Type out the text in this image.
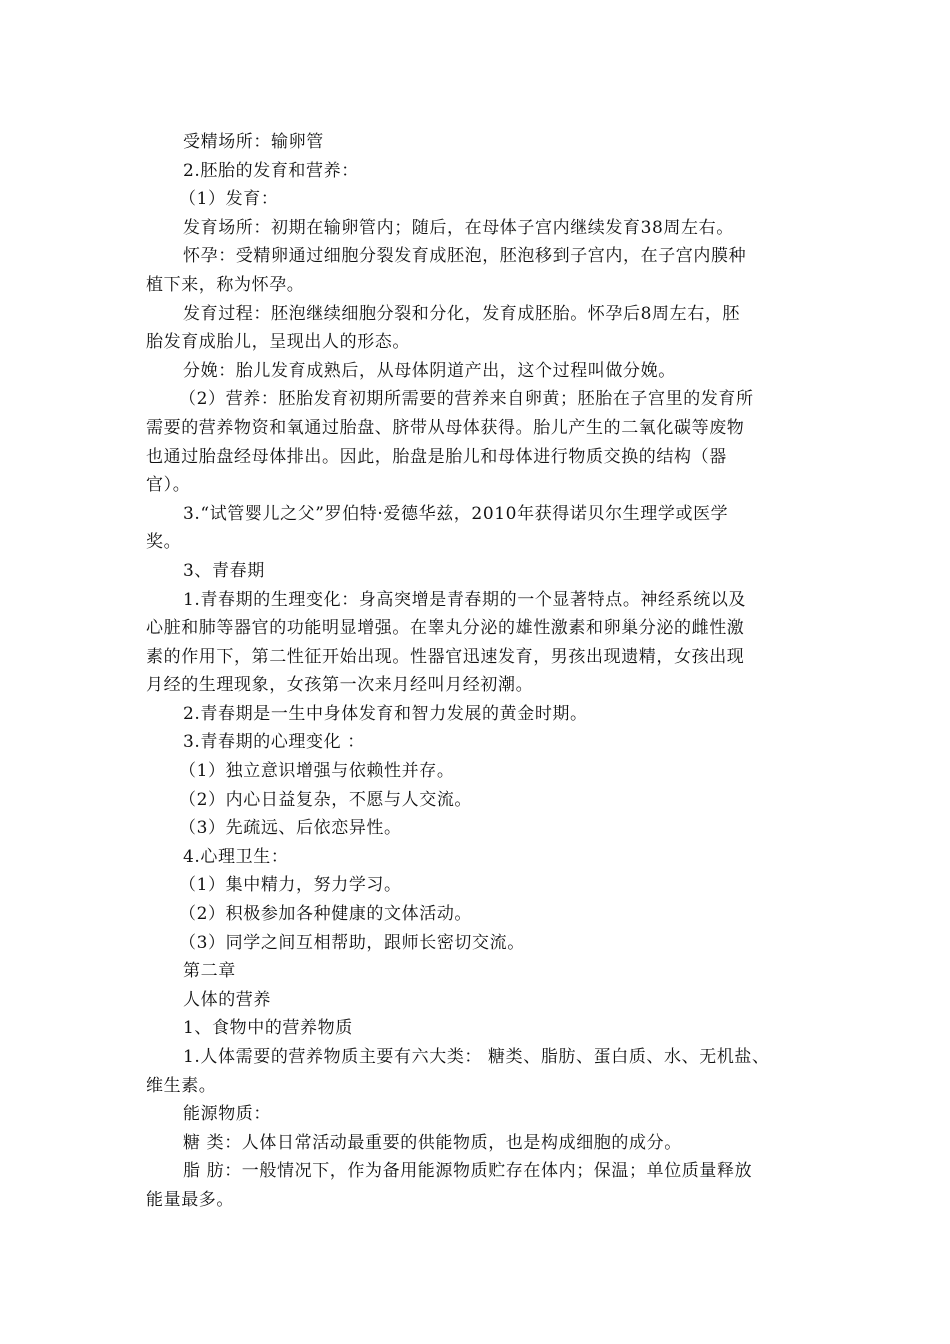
受精场所：输卵管
2.胚胎的发育和营养：
（1）发育：
发育场所：初期在输卵管内；随后，在母体子宫内继续发育38周左右。
怀孕：受精卵通过细胞分裂发育成胚泡，胚泡移到子宫内，在子宫内膜种
植下来，称为怀孕。
发育过程：胚泡继续细胞分裂和分化，发育成胚胎。怀孕后8周左右，胚
胎发育成胎儿，呈现出人的形态。
分娩：胎儿发育成熟后，从母体阴道产出，这个过程叫做分娩。
（2）营养：胚胎发育初期所需要的营养来自卵黄；胚胎在子宫里的发育所
需要的营养物资和氧通过胎盘、脐带从母体获得。胎儿产生的二氧化碳等废物
也通过胎盘经母体排出。因此，胎盘是胎儿和母体进行物质交换的结构（器
官）。
3.“试管婴儿之父”罗伯特·爱德华兹，2010年获得诺贝尔生理学或医学
奖。
3、青春期
1.青春期的生理变化：身高突增是青春期的一个显著特点。神经系统以及
心脏和肺等器官的功能明显增强。在睾丸分泌的雄性激素和卵巢分泌的雌性激
素的作用下，第二性征开始出现。性器官迅速发育，男孩出现遗精，女孩出现
月经的生理现象，女孩第一次来月经叫月经初潮。
2.青春期是一生中身体发育和智力发展的黄金时期。
3.青春期的心理变化 ：
（1）独立意识增强与依赖性并存。
（2）内心日益复杂，不愿与人交流。
（3）先疏远、后依恋异性。
4.心理卫生：
（1）集中精力，努力学习。
（2）积极参加各种健康的文体活动。
（3）同学之间互相帮助，跟师长密切交流。
第二章
人体的营养
1、食物中的营养物质
1.人体需要的营养物质主要有六大类： 糖类、脂肪、蛋白质、水、无机盐、
维生素。
能源物质：
糖 类：人体日常活动最重要的供能物质，也是构成细胞的成分。
脂 肪：一般情况下，作为备用能源物质贮存在体内；保温；单位质量释放
能量最多。
